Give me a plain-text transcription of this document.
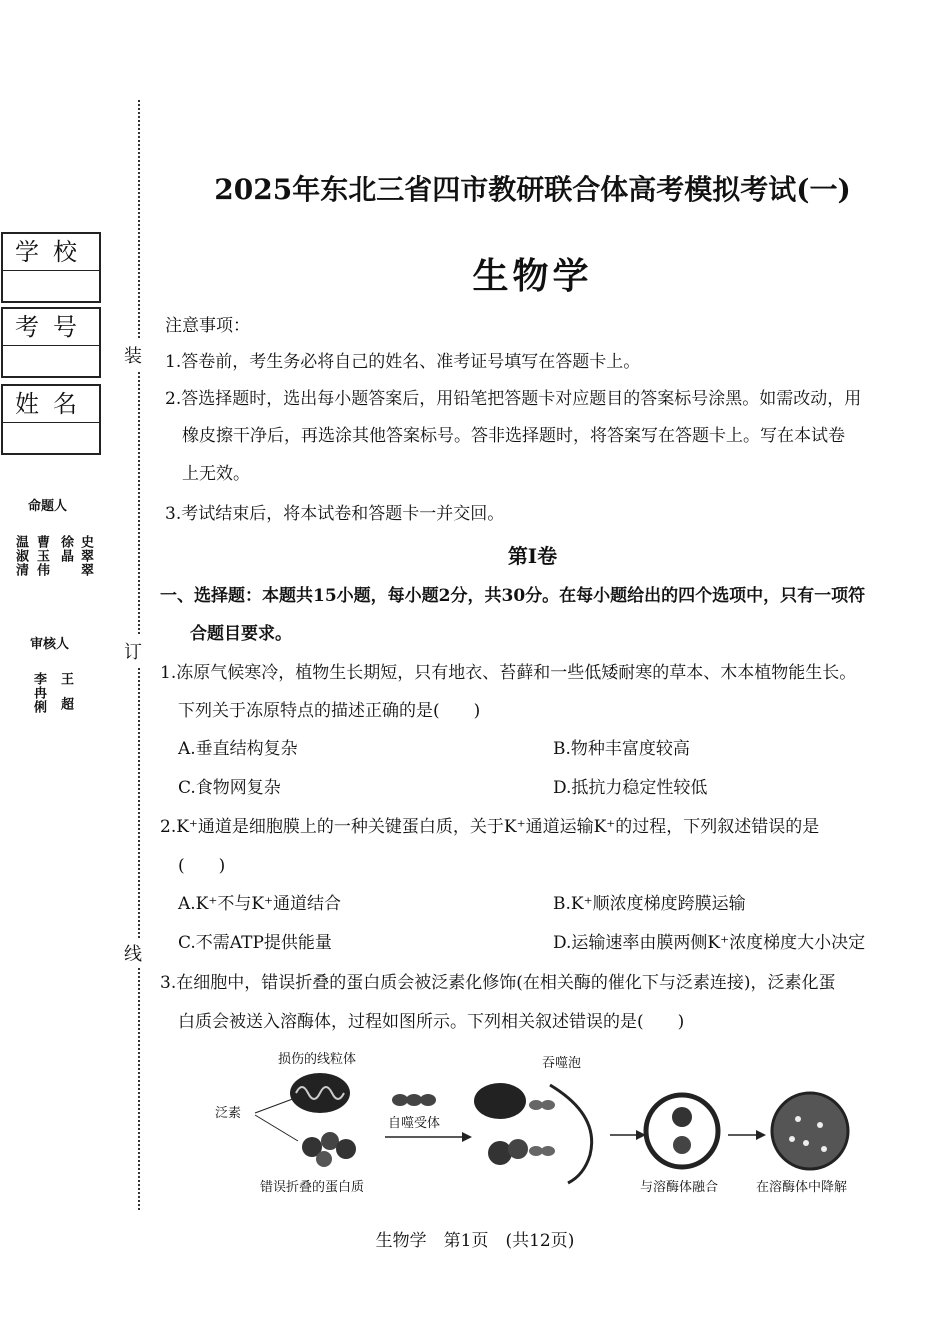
学校
考号
姓名
命题人
史翠翠
徐晶
曹玉伟
温淑清
审核人
王超
李冉俐
装
订
线
2025年东北三省四市教研联合体高考模拟考试(一)
生物学
注意事项：
1.答卷前，考生务必将自己的姓名、准考证号填写在答题卡上。
2.答选择题时，选出每小题答案后，用铅笔把答题卡对应题目的答案标号涂黑。如需改动，用
橡皮擦干净后，再选涂其他答案标号。答非选择题时，将答案写在答题卡上。写在本试卷
上无效。
3.考试结束后，将本试卷和答题卡一并交回。
第Ⅰ卷
一、选择题：本题共15小题，每小题2分，共30分。在每小题给出的四个选项中，只有一项符
合题目要求。
1.冻原气候寒冷，植物生长期短，只有地衣、苔藓和一些低矮耐寒的草本、木本植物能生长。
下列关于冻原特点的描述正确的是(　　)
A.垂直结构复杂	B.物种丰富度较高
C.食物网复杂	D.抵抗力稳定性较低
2.K⁺通道是细胞膜上的一种关键蛋白质，关于K⁺通道运输K⁺的过程，下列叙述错误的是
(　　)
A.K⁺不与K⁺通道结合	B.K⁺顺浓度梯度跨膜运输
C.不需ATP提供能量	D.运输速率由膜两侧K⁺浓度梯度大小决定
3.在细胞中，错误折叠的蛋白质会被泛素化修饰(在相关酶的催化下与泛素连接)，泛素化蛋
白质会被送入溶酶体，过程如图所示。下列相关叙述错误的是(　　)
损伤的线粒体
泛素
错误折叠的蛋白质
自噬受体
吞噬泡
与溶酶体融合	在溶酶体中降解
生物学　第1页　(共12页)
